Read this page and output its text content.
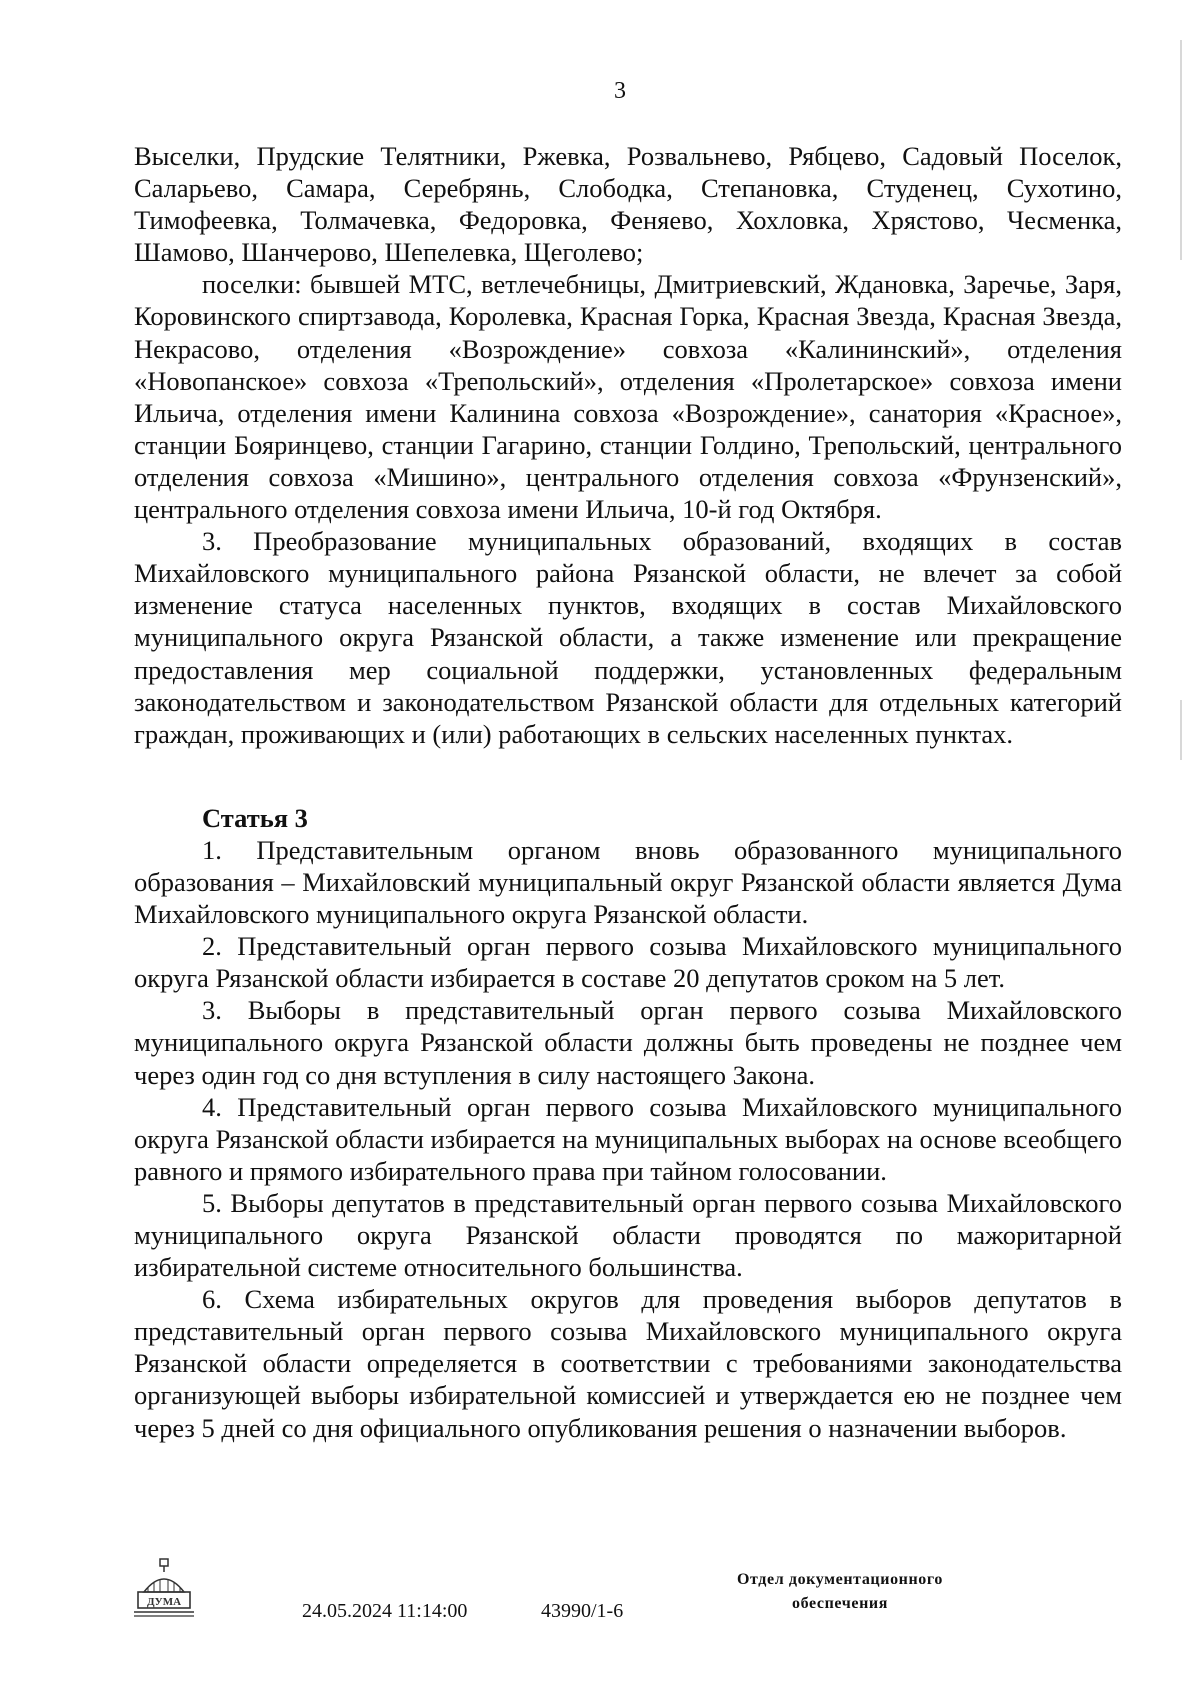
3

Выселки, Прудские Телятники, Ржевка, Розвальнево, Рябцево, Садовый Поселок, Саларьево, Самара, Серебрянь, Слободка, Степановка, Студенец, Сухотино, Тимофеевка, Толмачевка, Федоровка, Феняево, Хохловка, Хрястово, Чесменка, Шамово, Шанчерово, Шепелевка, Щеголево;

поселки: бывшей МТС, ветлечебницы, Дмитриевский, Ждановка, Заречье, Заря, Коровинского спиртзавода, Королевка, Красная Горка, Красная Звезда, Красная Звезда, Некрасово, отделения «Возрождение» совхоза «Калининский», отделения «Новопанское» совхоза «Трепольский», отделения «Пролетарское» совхоза имени Ильича, отделения имени Калинина совхоза «Возрождение», санатория «Красное», станции Бояринцево, станции Гагарино, станции Голдино, Трепольский, центрального отделения совхоза «Мишино», центрального отделения совхоза «Фрунзенский», центрального отделения совхоза имени Ильича, 10-й год Октября.

3. Преобразование муниципальных образований, входящих в состав Михайловского муниципального района Рязанской области, не влечет за собой изменение статуса населенных пунктов, входящих в состав Михайловского муниципального округа Рязанской области, а также изменение или прекращение предоставления мер социальной поддержки, установленных федеральным законодательством и законодательством Рязанской области для отдельных категорий граждан, проживающих и (или) работающих в сельских населенных пунктах.

Статья 3

1. Представительным органом вновь образованного муниципального образования – Михайловский муниципальный округ Рязанской области является Дума Михайловского муниципального округа Рязанской области.

2. Представительный орган первого созыва Михайловского муниципального округа Рязанской области избирается в составе 20 депутатов сроком на 5 лет.

3. Выборы в представительный орган первого созыва Михайловского муниципального округа Рязанской области должны быть проведены не позднее чем через один год со дня вступления в силу настоящего Закона.

4. Представительный орган первого созыва Михайловского муниципального округа Рязанской области избирается на муниципальных выборах на основе всеобщего равного и прямого избирательного права при тайном голосовании.

5. Выборы депутатов в представительный орган первого созыва Михайловского муниципального округа Рязанской области проводятся по мажоритарной избирательной системе относительного большинства.

6. Схема избирательных округов для проведения выборов депутатов в представительный орган первого созыва Михайловского муниципального округа Рязанской области определяется в соответствии с требованиями законодательства организующей выборы избирательной комиссией и утверждается ею не позднее чем через 5 дней со дня официального опубликования решения о назначении выборов.

ДУМА	24.05.2024 11:14:00	43990/1-6
Отдел документационного
обеспечения
